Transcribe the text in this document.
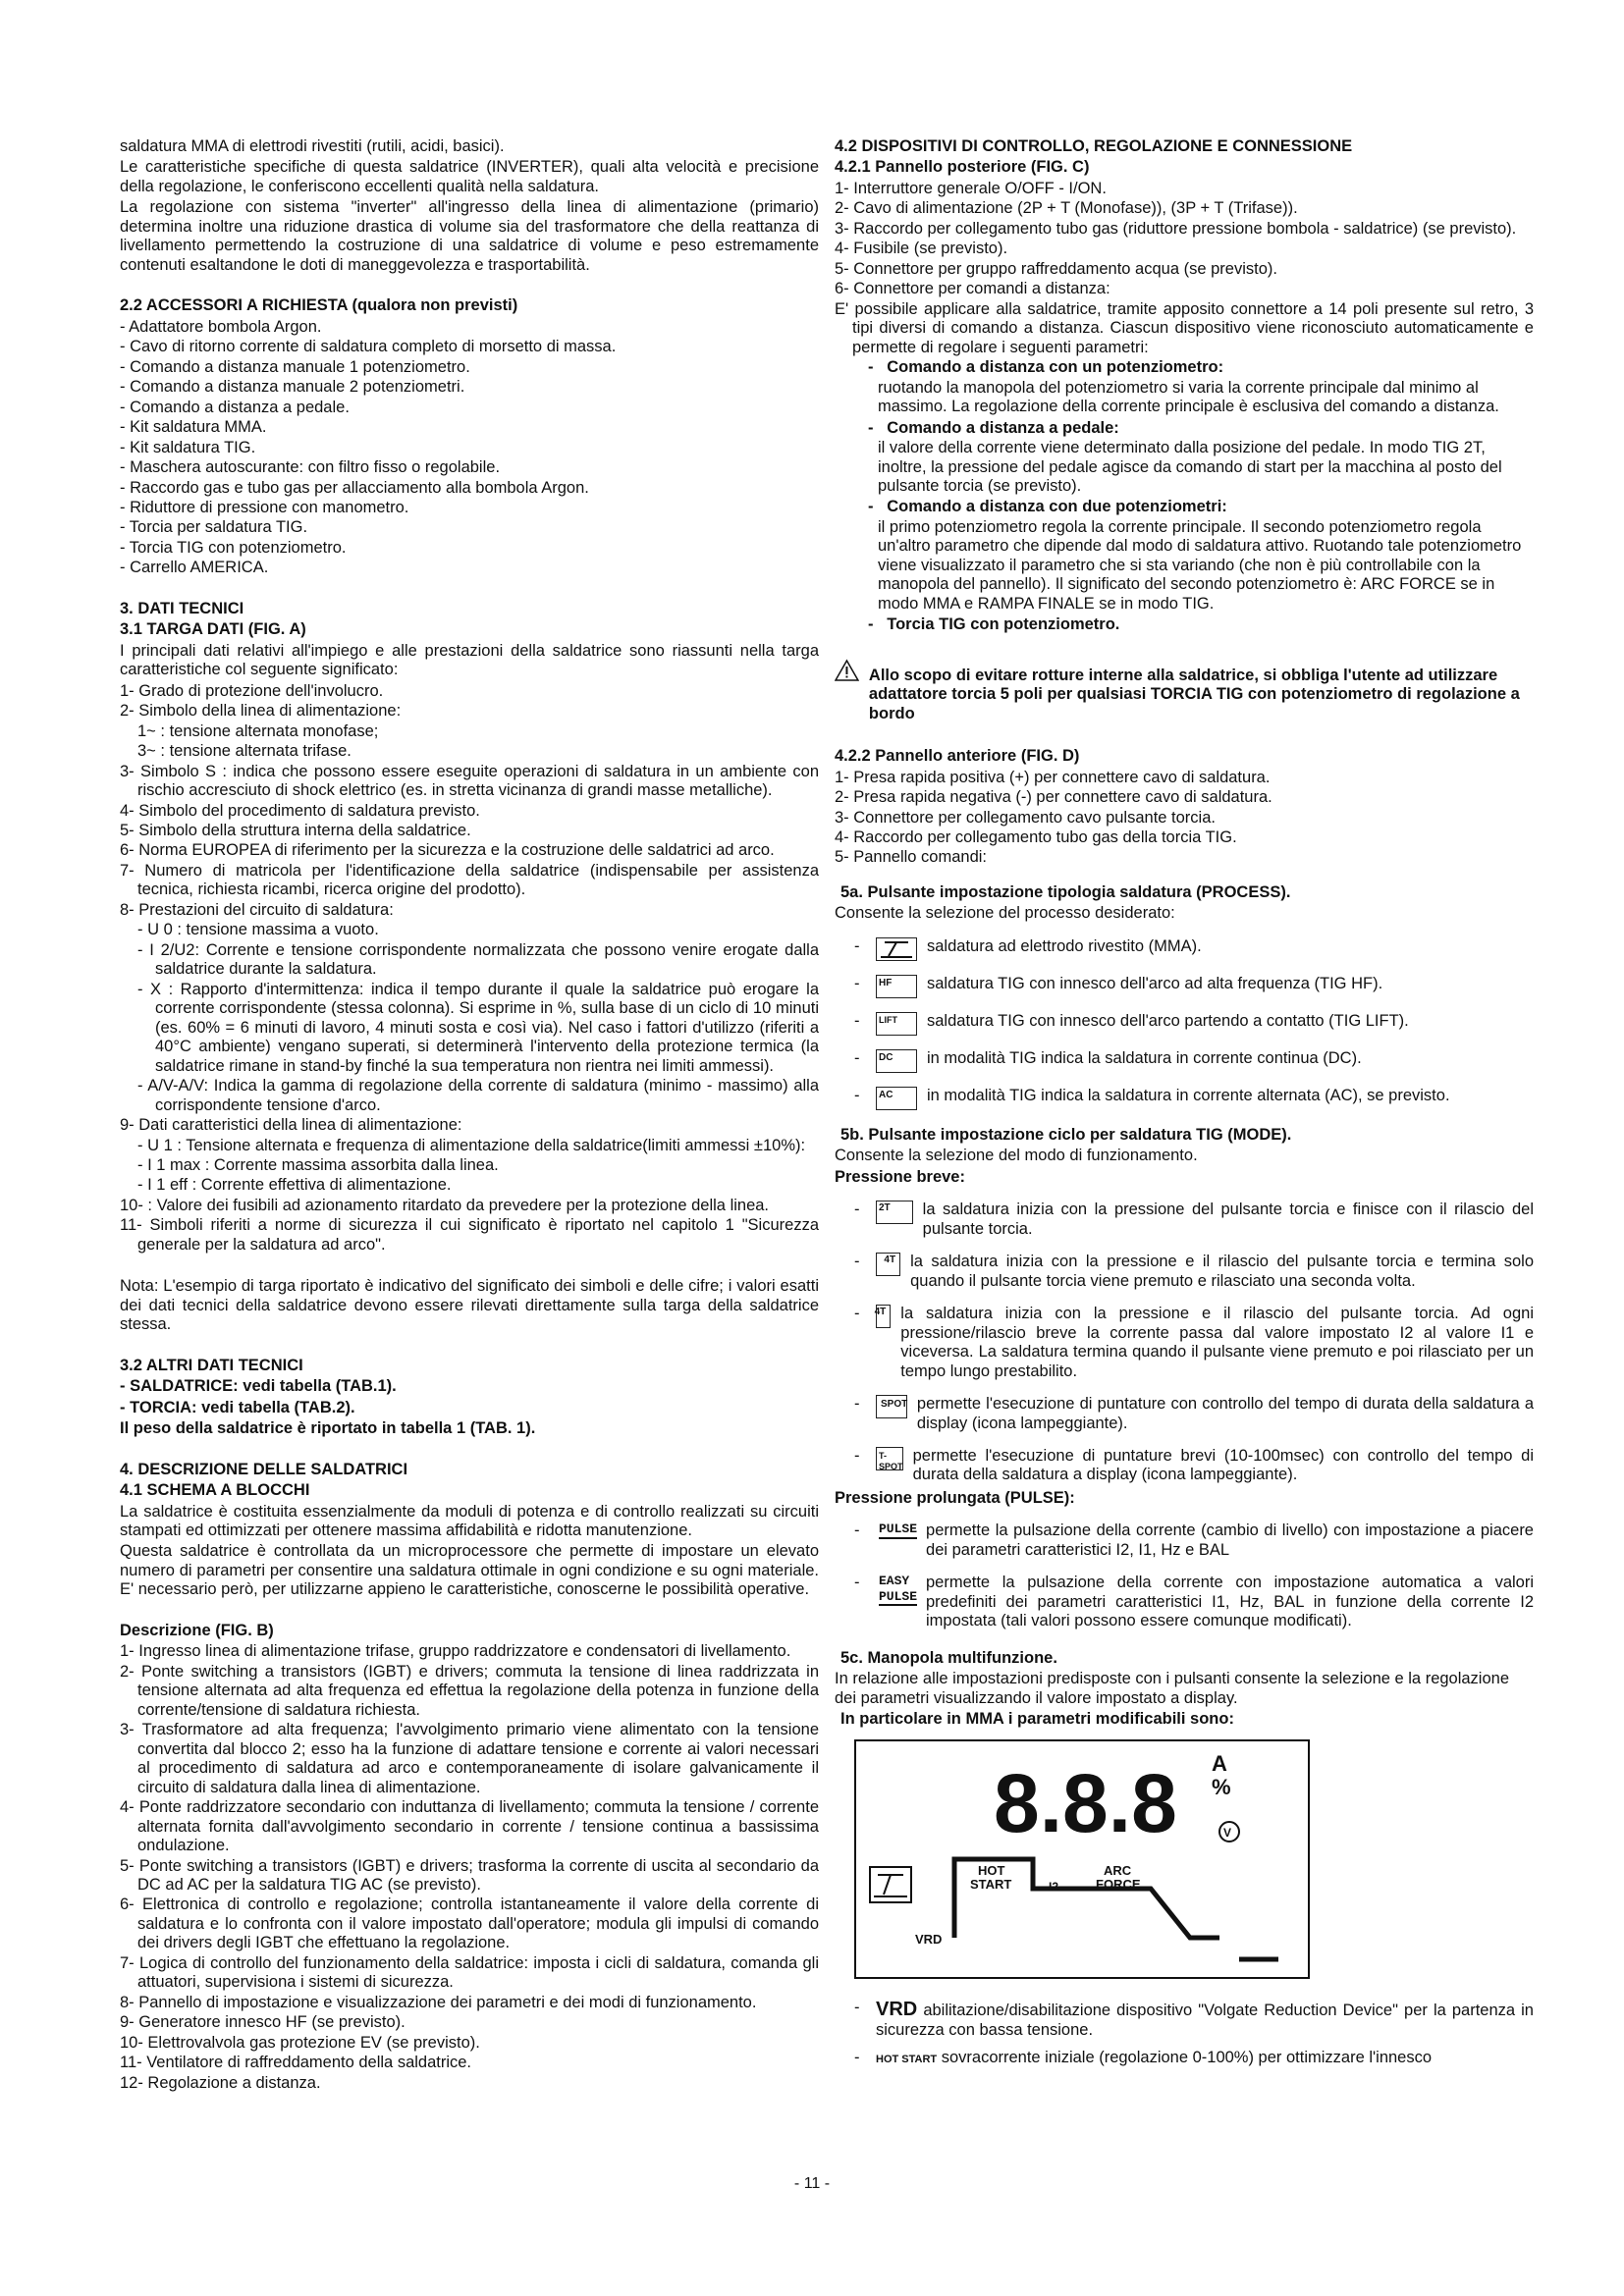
saldatura MMA di elettrodi rivestiti (rutili, acidi, basici).

Le caratteristiche specifiche di questa saldatrice (INVERTER), quali alta velocità e precisione della regolazione, le conferiscono eccellenti qualità nella saldatura.

La regolazione con sistema "inverter" all'ingresso della linea di alimentazione (primario) determina inoltre una riduzione drastica di volume sia del trasformatore che della reattanza di livellamento permettendo la costruzione di una saldatrice di volume e peso estremamente contenuti esaltandone le doti di maneggevolezza e trasportabilità.

2.2 ACCESSORI A RICHIESTA (qualora non previsti)

- Adattatore bombola Argon.

- Cavo di ritorno corrente di saldatura completo di morsetto di massa.

- Comando a distanza manuale 1 potenziometro.

- Comando a distanza manuale 2 potenziometri.

- Comando a distanza a pedale.

- Kit saldatura MMA.

- Kit saldatura TIG.

- Maschera autoscurante: con filtro fisso o regolabile.

- Raccordo gas e tubo gas per allacciamento alla bombola Argon.

- Riduttore di pressione con manometro.

- Torcia per saldatura TIG.

- Torcia TIG con potenziometro.

- Carrello AMERICA.

3. DATI TECNICI

3.1 TARGA DATI (FIG. A)

I principali dati relativi all'impiego e alle prestazioni della saldatrice sono riassunti nella targa caratteristiche col seguente significato:

1- Grado di protezione dell'involucro.

2- Simbolo della linea di alimentazione:

1~ : tensione alternata monofase;

3~ : tensione alternata trifase.

3- Simbolo S : indica che possono essere eseguite operazioni di saldatura in un ambiente con rischio accresciuto di shock elettrico (es. in stretta vicinanza di grandi masse metalliche).

4- Simbolo del procedimento di saldatura previsto.

5- Simbolo della struttura interna della saldatrice.

6- Norma EUROPEA di riferimento per la sicurezza e la costruzione delle saldatrici ad arco.

7- Numero di matricola per l'identificazione della saldatrice (indispensabile per assistenza tecnica, richiesta ricambi, ricerca origine del prodotto).

8- Prestazioni del circuito di saldatura:

- U 0 : tensione massima a vuoto.

- I 2/U2: Corrente e tensione corrispondente normalizzata che possono venire erogate dalla saldatrice durante la saldatura.

- X : Rapporto d'intermittenza: indica il tempo durante il quale la saldatrice può erogare la corrente corrispondente (stessa colonna). Si esprime in %, sulla base di un ciclo di 10 minuti (es. 60% = 6 minuti di lavoro, 4 minuti sosta e così via). Nel caso i fattori d'utilizzo (riferiti a 40°C ambiente) vengano superati, si determinerà l'intervento della protezione termica (la saldatrice rimane in stand-by finché la sua temperatura non rientra nei limiti ammessi).

- A/V-A/V: Indica la gamma di regolazione della corrente di saldatura (minimo - massimo) alla corrispondente tensione d'arco.

9- Dati caratteristici della linea di alimentazione:

- U 1 : Tensione alternata e frequenza di alimentazione della saldatrice(limiti ammessi ±10%):

- I 1 max : Corrente massima assorbita dalla linea.

- I 1 eff : Corrente effettiva di alimentazione.

10- : Valore dei fusibili ad azionamento ritardato da prevedere per la protezione della linea.

11- Simboli riferiti a norme di sicurezza il cui significato è riportato nel capitolo 1 "Sicurezza generale per la saldatura ad arco".

Nota: L'esempio di targa riportato è indicativo del significato dei simboli e delle cifre; i valori esatti dei dati tecnici della saldatrice devono essere rilevati direttamente sulla targa della saldatrice stessa.

3.2 ALTRI DATI TECNICI

- SALDATRICE: vedi tabella (TAB.1).

- TORCIA: vedi tabella (TAB.2).

Il peso della saldatrice è riportato in tabella 1 (TAB. 1).

4. DESCRIZIONE DELLE SALDATRICI

4.1 SCHEMA A BLOCCHI

La saldatrice è costituita essenzialmente da moduli di potenza e di controllo realizzati su circuiti stampati ed ottimizzati per ottenere massima affidabilità e ridotta manutenzione.

Questa saldatrice è controllata da un microprocessore che permette di impostare un elevato numero di parametri per consentire una saldatura ottimale in ogni condizione e su ogni materiale. E' necessario però, per utilizzarne appieno le caratteristiche, conoscerne le possibilità operative.

Descrizione (FIG. B)

1- Ingresso linea di alimentazione trifase, gruppo raddrizzatore e condensatori di livellamento.

2- Ponte switching a transistors (IGBT) e drivers; commuta la tensione di linea raddrizzata in tensione alternata ad alta frequenza ed effettua la regolazione della potenza in funzione della corrente/tensione di saldatura richiesta.

3- Trasformatore ad alta frequenza; l'avvolgimento primario viene alimentato con la tensione convertita dal blocco 2; esso ha la funzione di adattare tensione e corrente ai valori necessari al procedimento di saldatura ad arco e contemporaneamente di isolare galvanicamente il circuito di saldatura dalla linea di alimentazione.

4- Ponte raddrizzatore secondario con induttanza di livellamento; commuta la tensione / corrente alternata fornita dall'avvolgimento secondario in corrente / tensione continua a bassissima ondulazione.

5- Ponte switching a transistors (IGBT) e drivers; trasforma la corrente di uscita al secondario da DC ad AC per la saldatura TIG AC (se previsto).

6- Elettronica di controllo e regolazione; controlla istantaneamente il valore della corrente di saldatura e lo confronta con il valore impostato dall'operatore; modula gli impulsi di comando dei drivers degli IGBT che effettuano la regolazione.

7- Logica di controllo del funzionamento della saldatrice: imposta i cicli di saldatura, comanda gli attuatori, supervisiona i sistemi di sicurezza.

8- Pannello di impostazione e visualizzazione dei parametri e dei modi di funzionamento.

9- Generatore innesco HF (se previsto).

10- Elettrovalvola gas protezione EV (se previsto).

11- Ventilatore di raffreddamento della saldatrice.

12- Regolazione a distanza.

4.2 DISPOSITIVI DI CONTROLLO, REGOLAZIONE E CONNESSIONE

4.2.1 Pannello posteriore (FIG. C)

1- Interruttore generale O/OFF - I/ON.

2- Cavo di alimentazione (2P + T (Monofase)), (3P + T (Trifase)).

3- Raccordo per collegamento tubo gas (riduttore pressione bombola - saldatrice) (se previsto).

4- Fusibile (se previsto).

5- Connettore per gruppo raffreddamento acqua (se previsto).

6- Connettore per comandi a distanza:

E' possibile applicare alla saldatrice, tramite apposito connettore a 14 poli presente sul retro, 3 tipi diversi di comando a distanza. Ciascun dispositivo viene riconosciuto automaticamente e permette di regolare i seguenti parametri:

-   Comando a distanza con un potenziometro:

ruotando la manopola del potenziometro si varia la corrente principale dal minimo al massimo. La regolazione della corrente principale è esclusiva del comando a distanza.

-   Comando a distanza a pedale:

il valore della corrente viene determinato dalla posizione del pedale. In modo TIG 2T, inoltre, la pressione del pedale agisce da comando di start per la macchina al posto del pulsante torcia (se previsto).

-   Comando a distanza con due potenziometri:

il primo potenziometro regola la corrente principale. Il secondo potenziometro regola un'altro parametro che dipende dal modo di saldatura attivo. Ruotando tale potenziometro viene visualizzato il parametro che si sta variando (che non è più controllabile con la manopola del pannello). Il significato del secondo potenziometro è: ARC FORCE se in modo MMA e RAMPA FINALE se in modo TIG.

-   Torcia TIG con potenziometro.

Allo scopo di evitare rotture interne alla saldatrice, si obbliga l'utente ad utilizzare adattatore torcia 5 poli per qualsiasi TORCIA TIG con potenziometro di regolazione a bordo

4.2.2 Pannello anteriore (FIG. D)

1- Presa rapida positiva (+) per connettere cavo di saldatura.

2- Presa rapida negativa (-) per connettere cavo di saldatura.

3- Connettore per collegamento cavo pulsante torcia.

4- Raccordo per collegamento tubo gas della torcia TIG.

5- Pannello comandi:

5a. Pulsante impostazione tipologia saldatura (PROCESS).

Consente la selezione del processo desiderato:

-	saldatura ad elettrodo rivestito (MMA).
-	HF saldatura TIG con innesco dell'arco ad alta frequenza (TIG HF).
-	LIFT saldatura TIG con innesco dell'arco partendo a contatto (TIG LIFT).
-	DC in modalità TIG indica la saldatura in corrente continua (DC).
-	AC in modalità TIG indica la saldatura in corrente alternata (AC), se previsto.

5b. Pulsante impostazione ciclo per saldatura TIG (MODE).

Consente la selezione del modo di funzionamento.

Pressione breve:

-	2T la saldatura inizia con la pressione del pulsante torcia e finisce con il rilascio del pulsante torcia.
-	4T la saldatura inizia con la pressione e il rilascio del pulsante torcia e termina solo quando il pulsante torcia viene premuto e rilasciato una seconda volta.
-	4T la saldatura inizia con la pressione e il rilascio del pulsante torcia. Ad ogni pressione/rilascio breve la corrente passa dal valore impostato I2 al valore I1 e viceversa. La saldatura termina quando il pulsante viene premuto e poi rilasciato per un tempo lungo prestabilito.
-	SPOT permette l'esecuzione di puntature con controllo del tempo di durata della saldatura a display (icona lampeggiante).
-	T-SPOT
permette l'esecuzione di puntature brevi (10-100msec) con controllo del tempo di durata della saldatura a display (icona lampeggiante).

Pressione prolungata (PULSE):

-	PULSE permette la pulsazione della corrente (cambio di livello) con impostazione a piacere dei parametri caratteristici I2, I1, Hz e BAL
-	EASY PULSE
permette la pulsazione della corrente con impostazione automatica a valori predefiniti dei parametri caratteristici I1, Hz, BAL in funzione della corrente I2 impostata (tali valori possono essere comunque modificati).

5c. Manopola multifunzione.

In relazione alle impostazioni predisposte con i pulsanti consente la selezione e la regolazione dei parametri visualizzando il valore impostato a display.

In particolare in MMA i parametri modificabili sono:

8.8.8 A
%
V
HOT
START	I2
ARC
FORCE
VRD
- VRD abilitazione/disabilitazione dispositivo "Volgate Reduction Device" per la partenza in sicurezza con bassa tensione.
-	HOT START sovracorrente iniziale (regolazione 0-100%) per ottimizzare l'innesco
- 11 -
